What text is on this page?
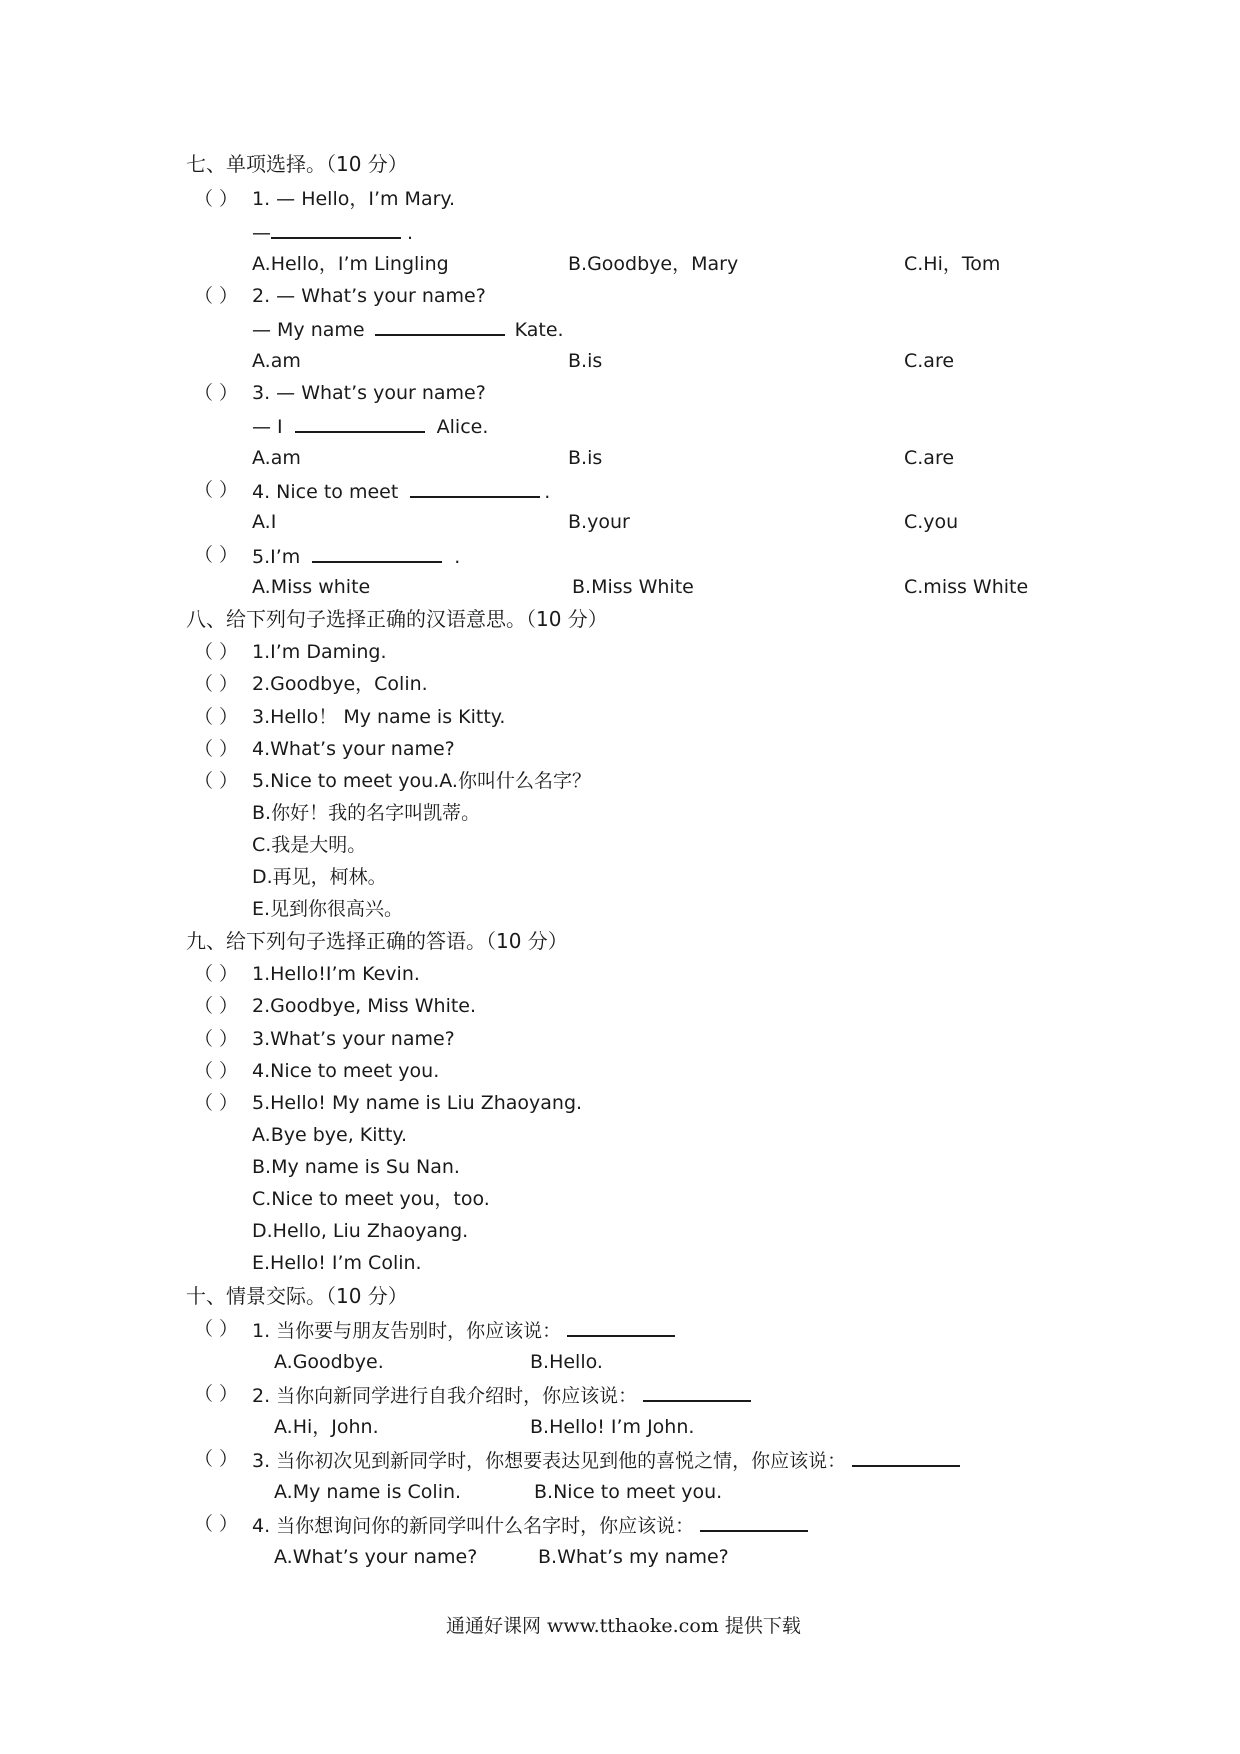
七、单项选择。（10 分）
（ ） 1. — Hello，I’m Mary.
—	.
A.Hello，I’m Lingling	B.Goodbye，Mary	C.Hi，Tom
（ ） 2. — What’s your name?
— My name	Kate.
A.am	B.is	C.are
（ ） 3. — What’s your name?
— I	Alice.
A.am	B.is	C.are
（ ） 4. Nice to meet	.
A.I	B.your	C.you
（ ） 5.I’m	.
A.Miss white	B.Miss White	C.miss White
八、给下列句子选择正确的汉语意思。（10 分）
（ ） 1.I’m Daming.
（ ） 2.Goodbye，Colin.
（ ） 3.Hello！ My name is Kitty.
（ ） 4.What’s your name?
（ ） 5.Nice to meet you.A.你叫什么名字？
B.你好！我的名字叫凯蒂。
C.我是大明。
D.再见，柯林。
E.见到你很高兴。
九、给下列句子选择正确的答语。（10 分）
（ ） 1.Hello!I’m Kevin.
（ ） 2.Goodbye, Miss White.
（ ） 3.What’s your name?
（ ） 4.Nice to meet you.
（ ） 5.Hello! My name is Liu Zhaoyang.
A.Bye bye, Kitty.
B.My name is Su Nan.
C.Nice to meet you，too.
D.Hello, Liu Zhaoyang.
E.Hello! I’m Colin.
十、情景交际。（10 分）
（ ） 1. 当你要与朋友告别时，你应该说：
A.Goodbye.	B.Hello.
（ ） 2. 当你向新同学进行自我介绍时，你应该说：
A.Hi，John.	B.Hello! I’m John.
（ ） 3. 当你初次见到新同学时，你想要表达见到他的喜悦之情，你应该说：
A.My name is Colin.	B.Nice to meet you.
（ ） 4. 当你想询问你的新同学叫什么名字时，你应该说：
A.What’s your name?	B.What’s my name?
通通好课网 www.tthaoke.com 提供下载
